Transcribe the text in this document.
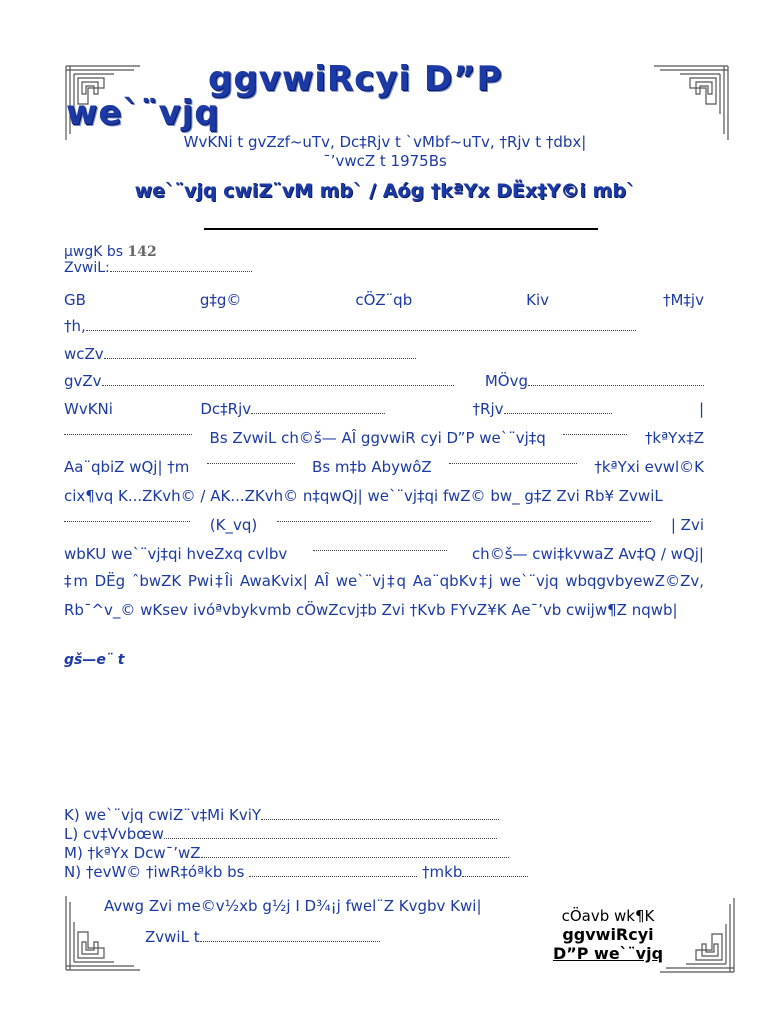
ggvwiRcyi D”P
we`¨vjq
WvKNi t gvZzf~uTv, Dc‡Rjv t `vMbf~uTv, †Rjv t †dbx|
¯’vwcZ t 1975Bs
we`¨vjq cwiZ¨vM mb` / Aóg †kªYx DËx‡Y©i mb`
µwgK bs 142
ZvwiL:
GB	g‡g©	cÖZ¨qb	Kiv	†M‡jv
†h,
wcZv
gvZv	MÖvg
WvKNi	Dc‡Rjv	†Rjv	|
Bs ZvwiL ch©š— AÎ ggvwiR cyi D”P we`¨vj‡q	†kªYx‡Z
Aa¨qbiZ wQj| †m	Bs m‡b AbywôZ	†kªYxi evwl©K
cix¶vq K...ZKvh© / AK...ZKvh© n‡qwQj| we`¨vj‡qi fwZ© bw_ g‡Z Zvi Rb¥ ZvwiL
(K_vq)	| Zvi
wbKU we`¨vj‡qi hveZxq cvlbv	ch©š— cwi‡kvwaZ Av‡Q / wQj|
‡m DËg ˆbwZK Pwi‡Îi AwaKvix| AÎ we`¨vj‡q Aa¨qbKv‡j we`¨vjq wbqgvbyewZ©Zv, Rb¯^v_© wKsev ivóªvbykvmb cÖwZcvj‡b Zvi †Kvb FYvZ¥K Ae¯’vb cwijw¶Z nqwb|
gš—e¨ t
K) we`¨vjq cwiZ¨v‡Mi KviY
L) cv‡Vvbœw
M) †kªYx Dcw¯’wZ
N) †evW© †iwR‡óªkb bs	†mkb
Avwg Zvi me©v½xb g½j I D¾¡j fwel¨Z Kvgbv Kwi|
ZvwiL t
cÖavb wk¶K
ggvwiRcyi
D”P we`¨vjq
